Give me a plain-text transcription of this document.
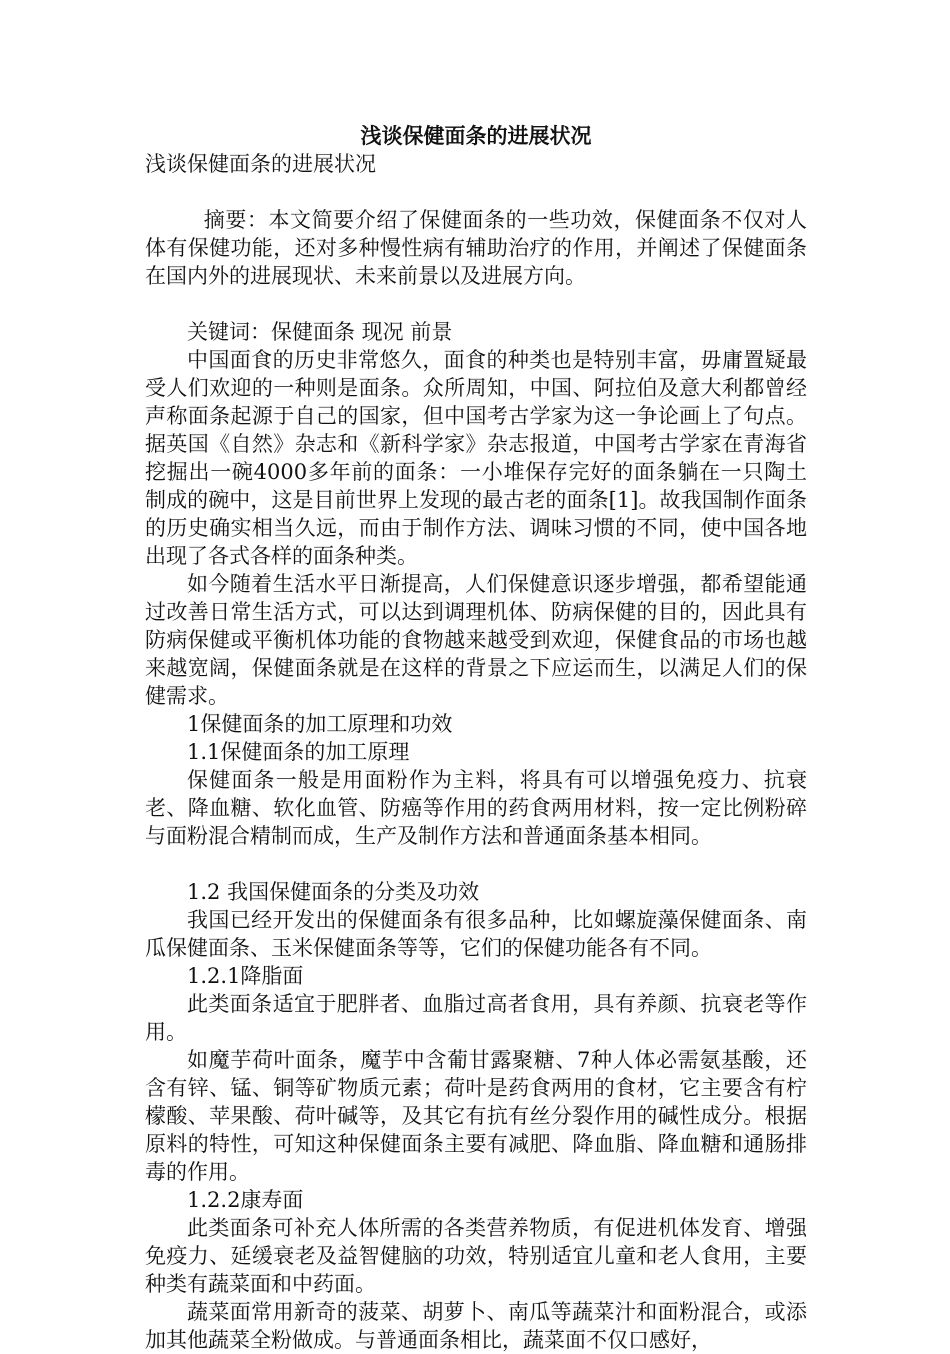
浅谈保健面条的进展状况

浅谈保健面条的进展状况

摘要：本文简要介绍了保健面条的一些功效，保健面条不仅对人体有保健功能，还对多种慢性病有辅助治疗的作用，并阐述了保健面条在国内外的进展现状、未来前景以及进展方向。

关键词：保健面条 现况 前景

中国面食的历史非常悠久，面食的种类也是特别丰富，毋庸置疑最受人们欢迎的一种则是面条。众所周知，中国、阿拉伯及意大利都曾经声称面条起源于自己的国家，但中国考古学家为这一争论画上了句点。据英国《自然》杂志和《新科学家》杂志报道，中国考古学家在青海省挖掘出一碗4000多年前的面条：一小堆保存完好的面条躺在一只陶土制成的碗中，这是目前世界上发现的最古老的面条[1]。故我国制作面条的历史确实相当久远，而由于制作方法、调味习惯的不同，使中国各地出现了各式各样的面条种类。

如今随着生活水平日渐提高，人们保健意识逐步增强，都希望能通过改善日常生活方式，可以达到调理机体、防病保健的目的，因此具有防病保健或平衡机体功能的食物越来越受到欢迎，保健食品的市场也越来越宽阔，保健面条就是在这样的背景之下应运而生，以满足人们的保健需求。

1保健面条的加工原理和功效

1.1保健面条的加工原理

保健面条一般是用面粉作为主料，将具有可以增强免疫力、抗衰老、降血糖、软化血管、防癌等作用的药食两用材料，按一定比例粉碎与面粉混合精制而成，生产及制作方法和普通面条基本相同。

1.2 我国保健面条的分类及功效

我国已经开发出的保健面条有很多品种，比如螺旋藻保健面条、南瓜保健面条、玉米保健面条等等，它们的保健功能各有不同。

1.2.1降脂面

此类面条适宜于肥胖者、血脂过高者食用，具有养颜、抗衰老等作用。

如魔芋荷叶面条，魔芋中含葡甘露聚糖、7种人体必需氨基酸，还含有锌、锰、铜等矿物质元素；荷叶是药食两用的食材，它主要含有柠檬酸、苹果酸、荷叶碱等，及其它有抗有丝分裂作用的碱性成分。根据原料的特性，可知这种保健面条主要有减肥、降血脂、降血糖和通肠排毒的作用。

1.2.2康寿面

此类面条可补充人体所需的各类营养物质，有促进机体发育、增强免疫力、延缓衰老及益智健脑的功效，特别适宜儿童和老人食用，主要种类有蔬菜面和中药面。

蔬菜面常用新奇的菠菜、胡萝卜、南瓜等蔬菜汁和面粉混合，或添加其他蔬菜全粉做成。与普通面条相比，蔬菜面不仅口感好，
